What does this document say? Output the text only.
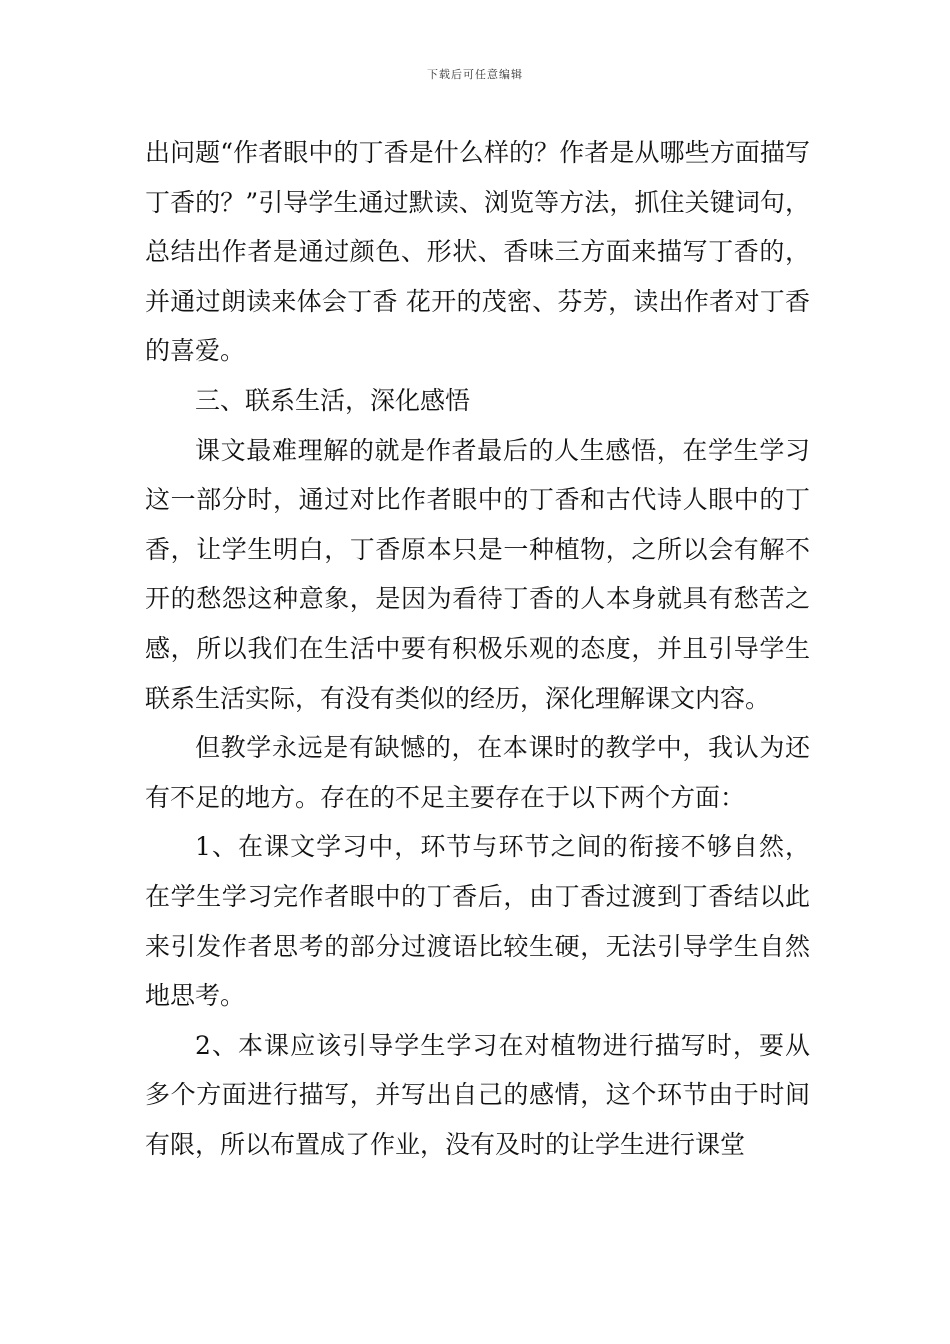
下载后可任意编辑

出问题“作者眼中的丁香是什么样的？作者是从哪些方面描写丁香的？”引导学生通过默读、浏览等方法，抓住关键词句，总结出作者是通过颜色、形状、香味三方面来描写丁香的，并通过朗读来体会丁香 花开的茂密、芬芳，读出作者对丁香的喜爱。

三、联系生活，深化感悟

课文最难理解的就是作者最后的人生感悟，在学生学习这一部分时，通过对比作者眼中的丁香和古代诗人眼中的丁香，让学生明白，丁香原本只是一种植物，之所以会有解不开的愁怨这种意象，是因为看待丁香的人本身就具有愁苦之感，所以我们在生活中要有积极乐观的态度，并且引导学生联系生活实际，有没有类似的经历，深化理解课文内容。

但教学永远是有缺憾的，在本课时的教学中，我认为还有不足的地方。存在的不足主要存在于以下两个方面：

1、在课文学习中，环节与环节之间的衔接不够自然，在学生学习完作者眼中的丁香后，由丁香过渡到丁香结以此来引发作者思考的部分过渡语比较生硬，无法引导学生自然地思考。

2、本课应该引导学生学习在对植物进行描写时，要从多个方面进行描写，并写出自己的感情，这个环节由于时间有限，所以布置成了作业，没有及时的让学生进行课堂
